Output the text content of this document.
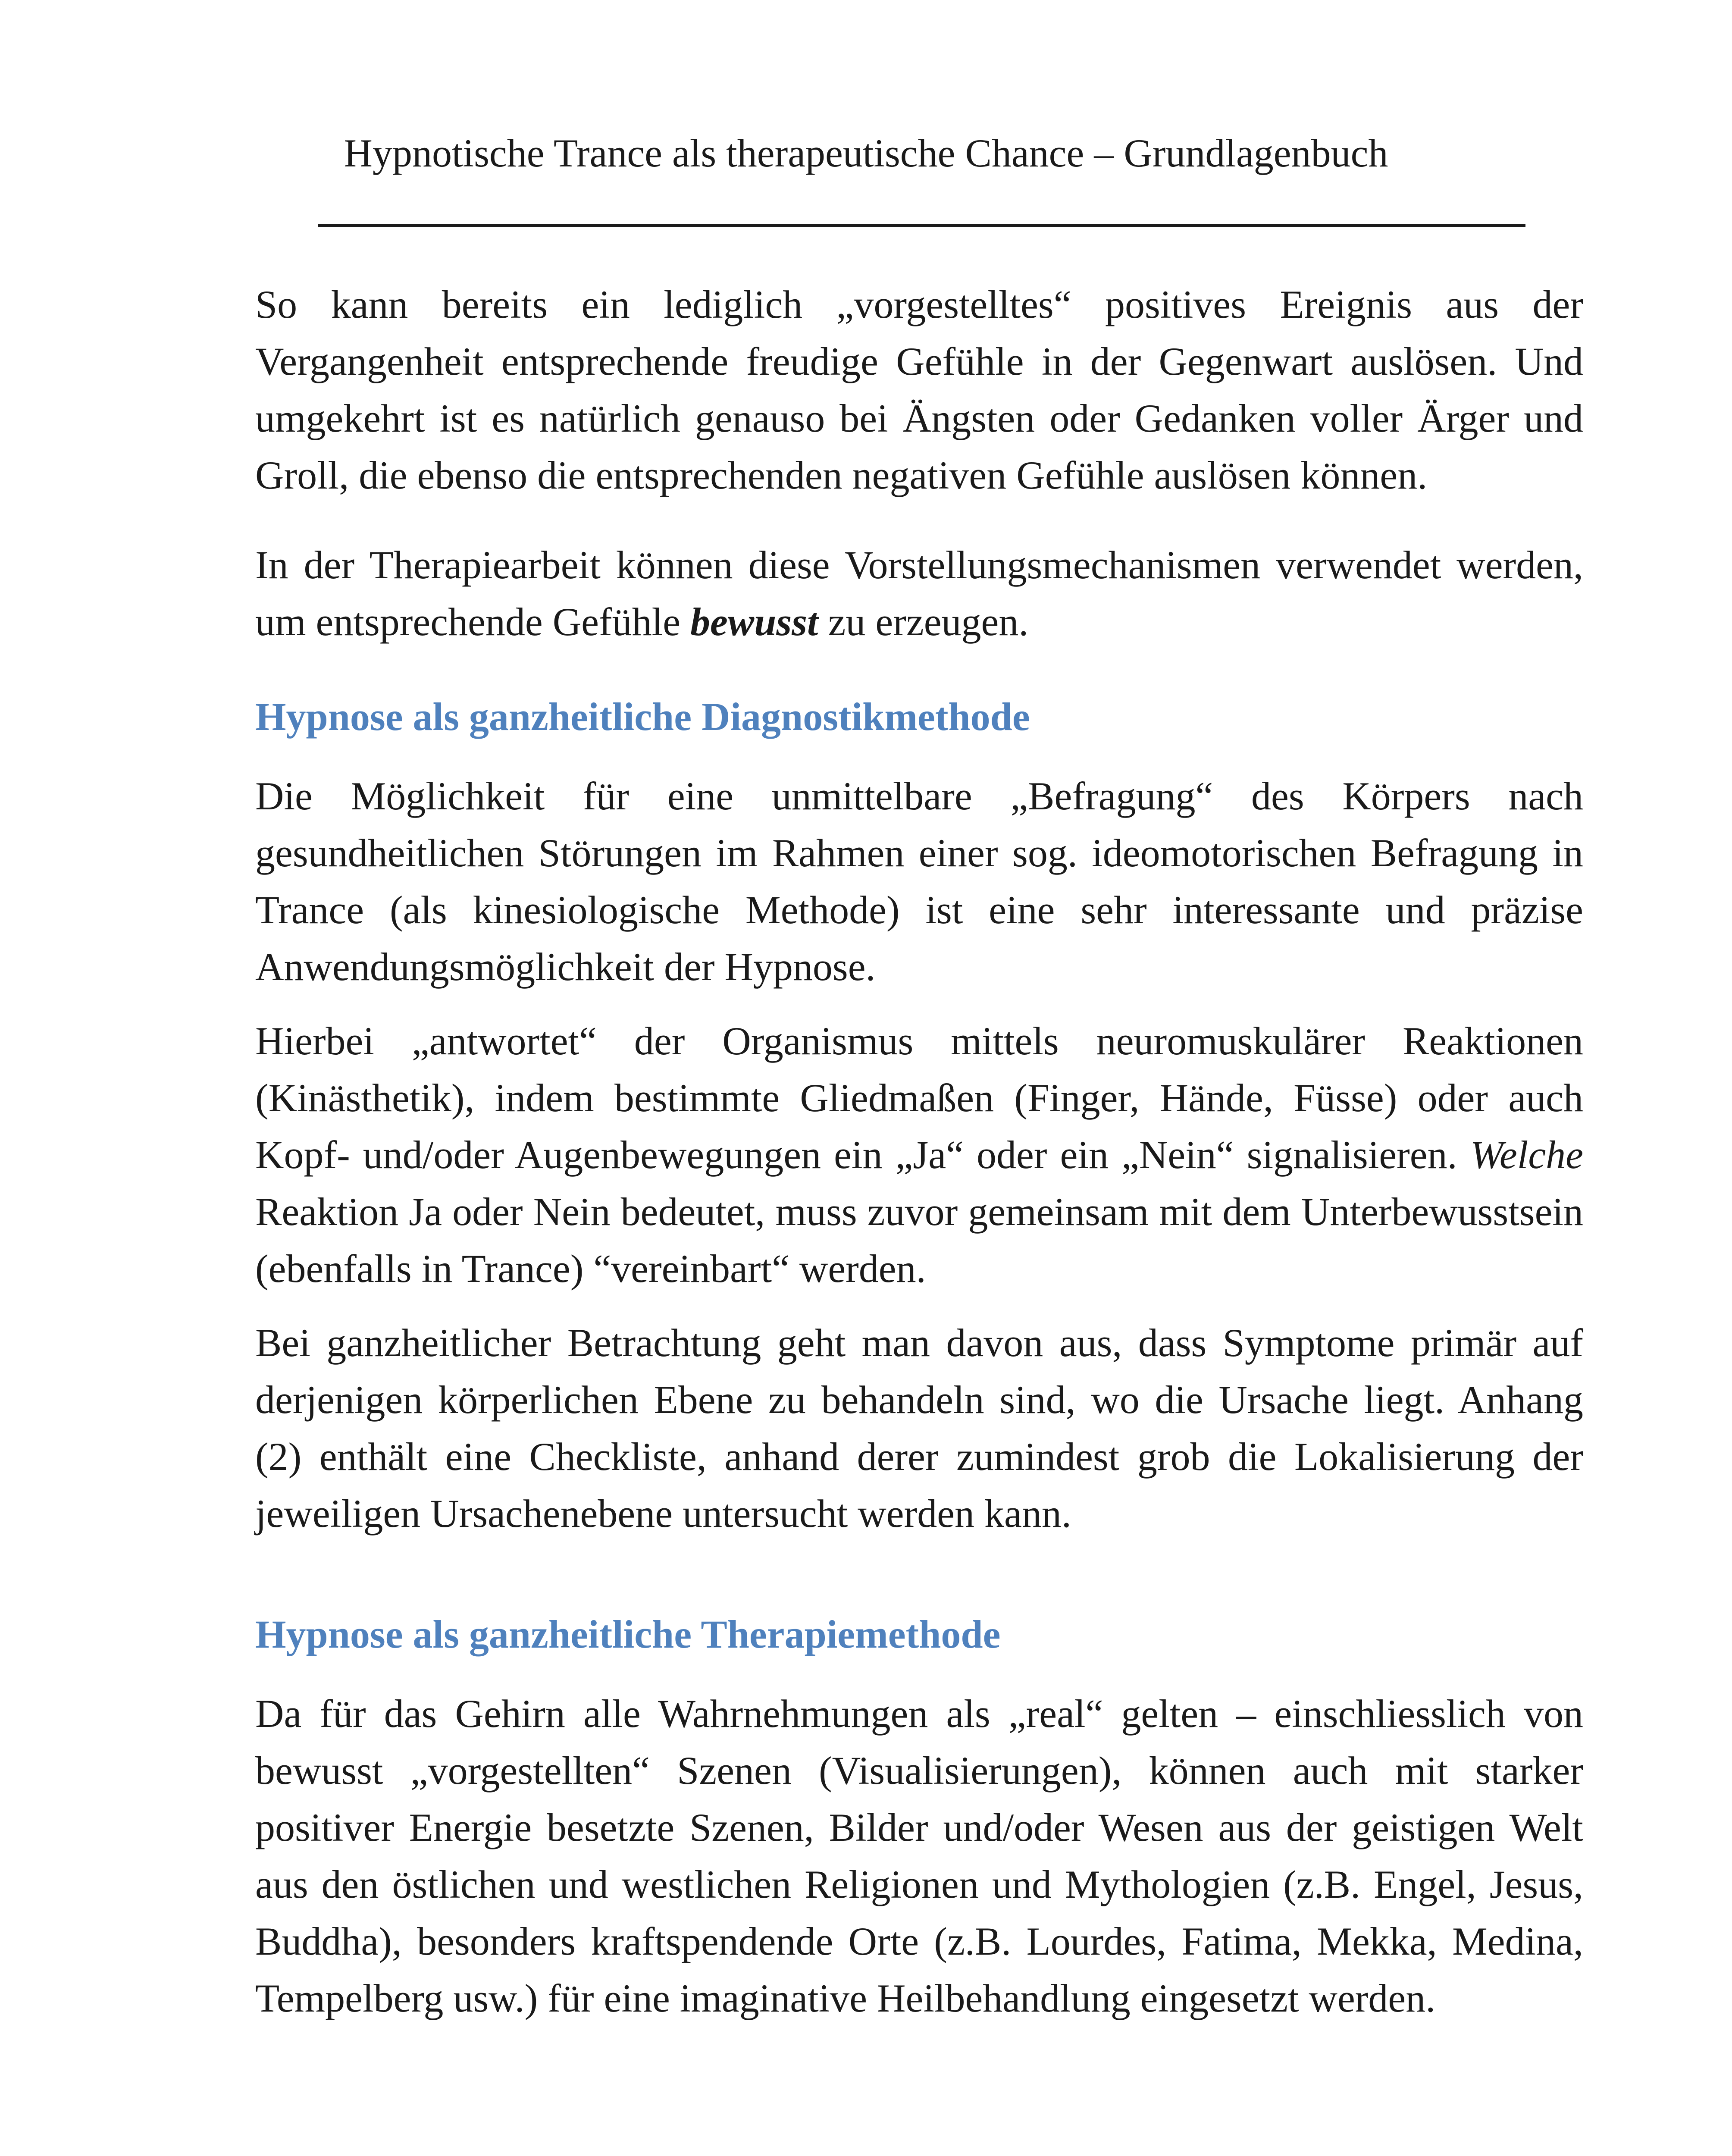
Hypnotische Trance als therapeutische Chance – Grundlagenbuch

So kann bereits ein lediglich „vorgestelltes“ positives Ereignis aus der Vergangenheit entsprechende freudige Gefühle in der Gegenwart auslösen. Und umgekehrt ist es natürlich genauso bei Ängsten oder Gedanken voller Ärger und Groll, die ebenso die entsprechenden negativen Gefühle auslösen können.

In der Therapiearbeit können diese Vorstellungsmechanismen verwendet werden, um entsprechende Gefühle bewusst zu erzeugen.

Hypnose als ganzheitliche Diagnostikmethode

Die Möglichkeit für eine unmittelbare „Befragung“ des Körpers nach gesundheitlichen Störungen im Rahmen einer sog. ideomotorischen Befragung in Trance (als kinesiologische Methode) ist eine sehr interessante und präzise Anwendungsmöglichkeit der Hypnose.

Hierbei „antwortet“ der Organismus mittels neuromuskulärer Reaktionen (Kinästhetik), indem bestimmte Gliedmaßen (Finger, Hände, Füsse) oder auch Kopf- und/oder Augenbewegungen ein „Ja“ oder ein „Nein“ signalisieren. Welche Reaktion Ja oder Nein bedeutet, muss zuvor gemeinsam mit dem Unterbewusstsein (ebenfalls in Trance) “vereinbart“ werden.

Bei ganzheitlicher Betrachtung geht man davon aus, dass Symptome primär auf derjenigen körperlichen Ebene zu behandeln sind, wo die Ursache liegt. Anhang (2) enthält eine Checkliste, anhand derer zumindest grob die Lokalisierung der jeweiligen Ursachenebene untersucht werden kann.

Hypnose als ganzheitliche Therapiemethode

Da für das Gehirn alle Wahrnehmungen als „real“ gelten – einschliesslich von bewusst „vorgestellten“ Szenen (Visualisierungen), können auch mit starker positiver Energie besetzte Szenen, Bilder und/oder Wesen aus der geistigen Welt aus den östlichen und westlichen Religionen und Mythologien (z.B. Engel, Jesus, Buddha), besonders kraftspendende Orte (z.B. Lourdes, Fatima, Mekka, Medina, Tempelberg usw.) für eine imaginative Heilbehandlung eingesetzt werden.
